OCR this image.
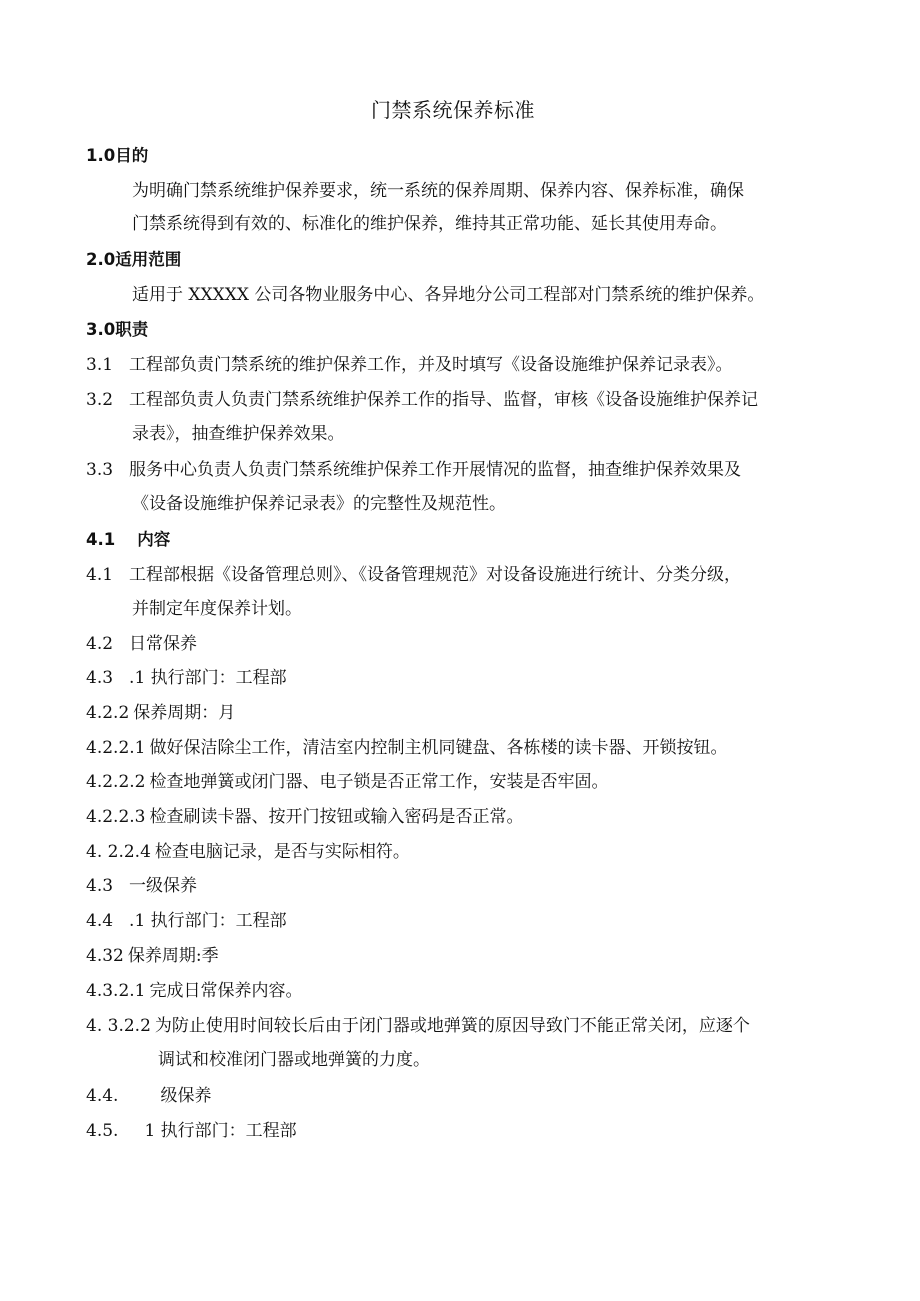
门禁系统保养标准
1.0目的
为明确门禁系统维护保养要求，统一系统的保养周期、保养内容、保养标准，确保
门禁系统得到有效的、标准化的维护保养，维持其正常功能、延长其使用寿命。
2.0适用范围
适用于 XXXXX 公司各物业服务中心、各异地分公司工程部对门禁系统的维护保养。
3.0职责
3.1 工程部负责门禁系统的维护保养工作，并及时填写《设备设施维护保养记录表》。
3.2 工程部负责人负责门禁系统维护保养工作的指导、监督，审核《设备设施维护保养记
录表》，抽查维护保养效果。
3.3 服务中心负责人负责门禁系统维护保养工作开展情况的监督，抽查维护保养效果及
《设备设施维护保养记录表》的完整性及规范性。
4.1 内容
4.1 工程部根据《设备管理总则》、《设备管理规范》对设备设施进行统计、分类分级，
并制定年度保养计划。
4.2 日常保养
4.3 .1 执行部门：工程部
4.2.2 保养周期：月
4.2.2.1 做好保洁除尘工作，清洁室内控制主机同键盘、各栋楼的读卡器、开锁按钮。
4.2.2.2 检查地弹簧或闭门器、电子锁是否正常工作，安装是否牢固。
4.2.2.3 检查刷读卡器、按开门按钮或输入密码是否正常。
4. 2.2.4 检查电脑记录，是否与实际相符。
4.3 一级保养
4.4 .1 执行部门：工程部
4.32 保养周期:季
4.3.2.1 完成日常保养内容。
4. 3.2.2 为防止使用时间较长后由于闭门器或地弹簧的原因导致门不能正常关闭，应逐个
调试和校准闭门器或地弹簧的力度。
4.4. 级保养
4.5. 1 执行部门：工程部
